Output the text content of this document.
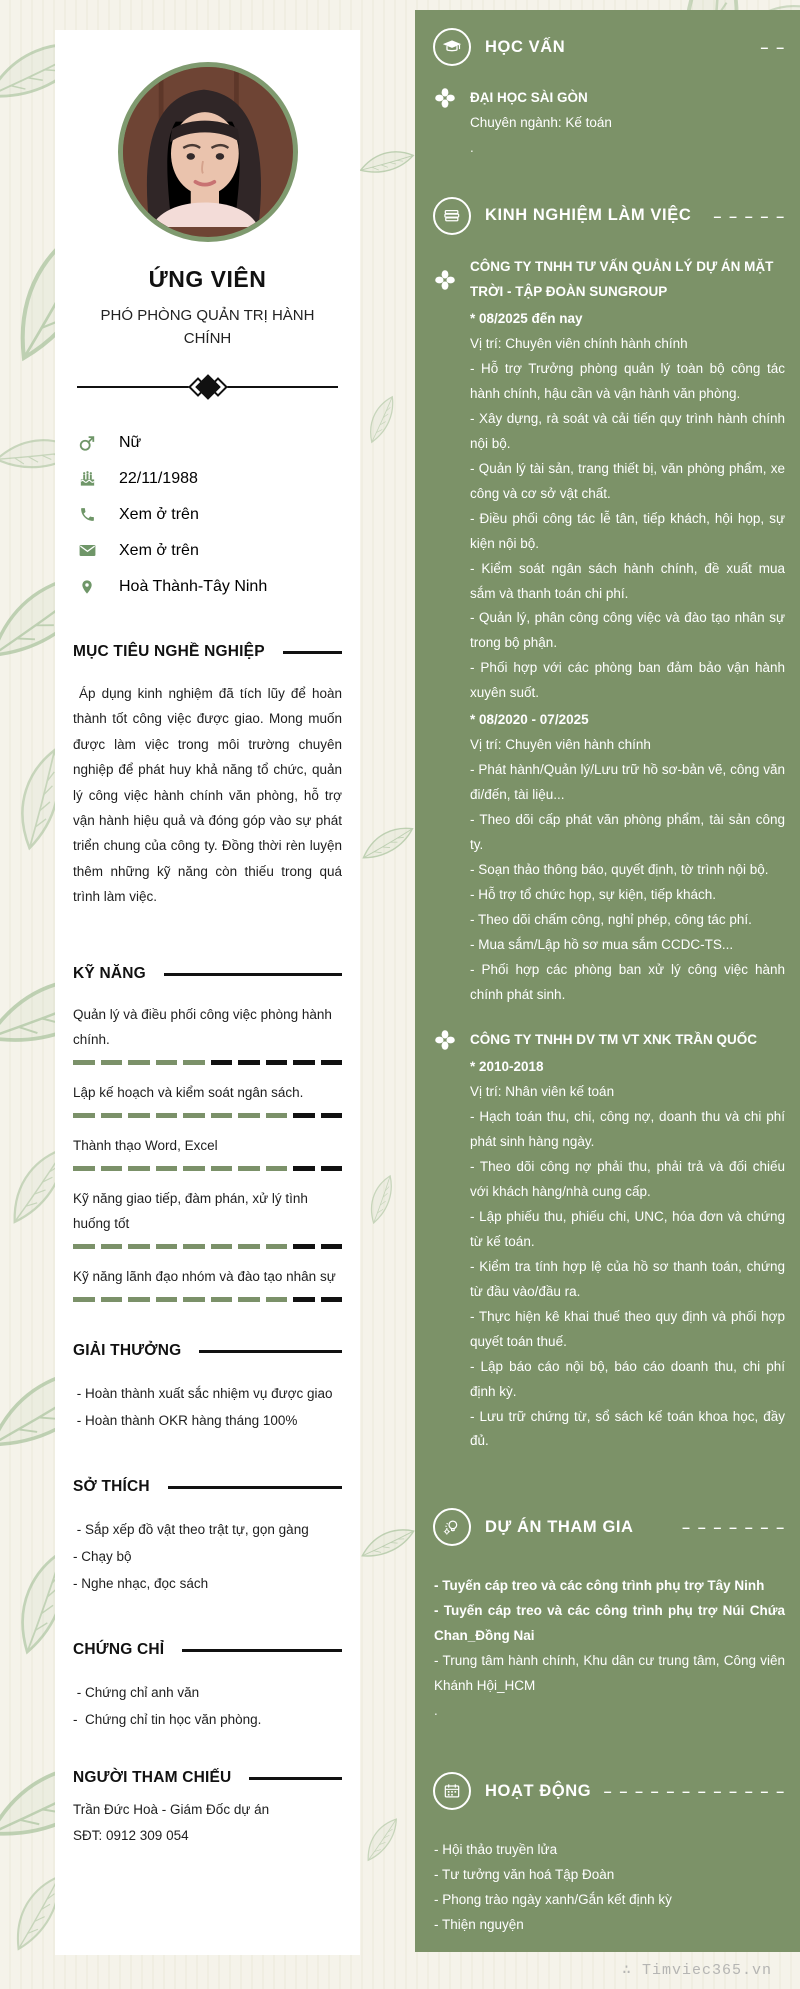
ỨNG VIÊN
PHÓ PHÒNG QUẢN TRỊ HÀNH CHÍNH
Nữ
22/11/1988
Xem ở trên
Xem ở trên
Hoà Thành-Tây Ninh
MỤC TIÊU NGHỀ NGHIỆP
Áp dụng kinh nghiệm đã tích lũy để hoàn thành tốt công việc được giao. Mong muốn được làm việc trong môi trường chuyên nghiệp để phát huy khả năng tổ chức, quản lý công việc hành chính văn phòng, hỗ trợ vận hành hiệu quả và đóng góp vào sự phát triển chung của công ty. Đồng thời rèn luyện thêm những kỹ năng còn thiếu trong quá trình làm việc.
KỸ NĂNG
Quản lý và điều phối công việc phòng hành chính.
Lập kế hoạch và kiểm soát ngân sách.
Thành thạo Word, Excel
Kỹ năng giao tiếp, đàm phán, xử lý tình huống tốt
Kỹ năng lãnh đạo nhóm và đào tạo nhân sự
GIẢI THƯỞNG
- Hoàn thành xuất sắc nhiệm vụ được giao
- Hoàn thành OKR hàng tháng 100%
SỞ THÍCH
- Sắp xếp đồ vật theo trật tự, gọn gàng
- Chạy bộ
- Nghe nhạc, đọc sách
CHỨNG CHỈ
- Chứng chỉ anh văn
-  Chứng chỉ tin học văn phòng.
NGƯỜI THAM CHIẾU
Trần Đức Hoà - Giám Đốc dự án
SĐT: 0912 309 054
HỌC VẤN	– –
ĐẠI HỌC SÀI GÒN
Chuyên ngành: Kế toán
.
KINH NGHIỆM LÀM VIỆC – – – – –
CÔNG TY TNHH TƯ VẤN QUẢN LÝ DỰ ÁN MẶT TRỜI - TẬP ĐOÀN SUNGROUP
* 08/2025 đến nay
Vị trí: Chuyên viên chính hành chính
- Hỗ trợ Trưởng phòng quản lý toàn bộ công tác hành chính, hậu cần và vận hành văn phòng.
- Xây dựng, rà soát và cải tiến quy trình hành chính nội bộ.
- Quản lý tài sản, trang thiết bị, văn phòng phẩm, xe công và cơ sở vật chất.
- Điều phối công tác lễ tân, tiếp khách, hội họp, sự kiện nội bộ.
- Kiểm soát ngân sách hành chính, đề xuất mua sắm và thanh toán chi phí.
- Quản lý, phân công công việc và đào tạo nhân sự trong bộ phận.
- Phối hợp với các phòng ban đảm bảo vận hành xuyên suốt.
* 08/2020 - 07/2025
Vị trí: Chuyên viên hành chính
- Phát hành/Quản lý/Lưu trữ hồ sơ-bản vẽ, công văn đi/đến, tài liệu...
- Theo dõi cấp phát văn phòng phẩm, tài sản công ty.
- Soạn thảo thông báo, quyết định, tờ trình nội bộ.
- Hỗ trợ tổ chức họp, sự kiện, tiếp khách.
- Theo dõi chấm công, nghỉ phép, công tác phí.
- Mua sắm/Lập hồ sơ mua sắm CCDC-TS...
- Phối hợp các phòng ban xử lý công việc hành chính phát sinh.
CÔNG TY TNHH DV TM VT XNK TRẦN QUỐC
* 2010-2018
Vị trí: Nhân viên kế toán
- Hạch toán thu, chi, công nợ, doanh thu và chi phí phát sinh hàng ngày.
- Theo dõi công nợ phải thu, phải trả và đối chiếu với khách hàng/nhà cung cấp.
- Lập phiếu thu, phiếu chi, UNC, hóa đơn và chứng từ kế toán.
- Kiểm tra tính hợp lệ của hồ sơ thanh toán, chứng từ đầu vào/đầu ra.
- Thực hiện kê khai thuế theo quy định và phối hợp quyết toán thuế.
- Lập báo cáo nội bộ, báo cáo doanh thu, chi phí định kỳ.
- Lưu trữ chứng từ, sổ sách kế toán khoa học, đầy đủ.
DỰ ÁN THAM GIA	– – – – – – –
- Tuyến cáp treo và các công trình phụ trợ Tây Ninh
- Tuyến cáp treo và các công trình phụ trợ Núi Chứa Chan_Đồng Nai
- Trung tâm hành chính, Khu dân cư trung tâm, Công viên Khánh Hội_HCM
.
HOẠT ĐỘNG – – – – – – – – – – – –
- Hội thảo truyền lửa
- Tư tưởng văn hoá Tập Đoàn
- Phong trào ngày xanh/Gắn kết định kỳ
- Thiện nguyện
∴ Timviec365.vn
